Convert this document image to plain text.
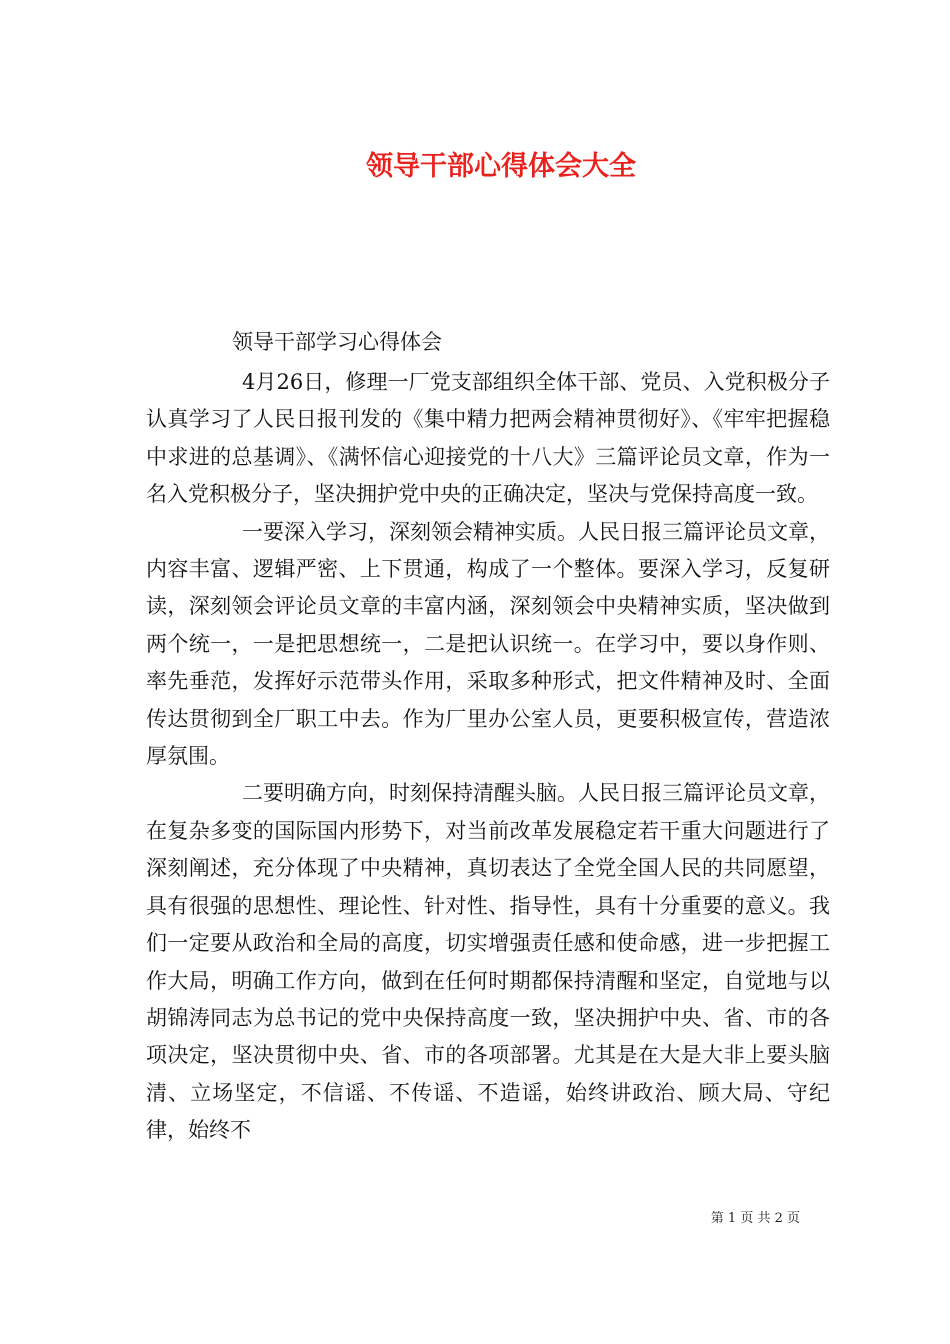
领导干部心得体会大全

领导干部学习心得体会

4月26日，修理一厂党支部组织全体干部、党员、入党积极分子认真学习了人民日报刊发的《集中精力把两会精神贯彻好》、《牢牢把握稳中求进的总基调》、《满怀信心迎接党的十八大》三篇评论员文章，作为一名入党积极分子，坚决拥护党中央的正确决定，坚决与党保持高度一致。

一要深入学习，深刻领会精神实质。人民日报三篇评论员文章，内容丰富、逻辑严密、上下贯通，构成了一个整体。要深入学习，反复研读，深刻领会评论员文章的丰富内涵，深刻领会中央精神实质，坚决做到两个统一，一是把思想统一，二是把认识统一。在学习中，要以身作则、率先垂范，发挥好示范带头作用，采取多种形式，把文件精神及时、全面传达贯彻到全厂职工中去。作为厂里办公室人员，更要积极宣传，营造浓厚氛围。

二要明确方向，时刻保持清醒头脑。人民日报三篇评论员文章，在复杂多变的国际国内形势下，对当前改革发展稳定若干重大问题进行了深刻阐述，充分体现了中央精神，真切表达了全党全国人民的共同愿望，具有很强的思想性、理论性、针对性、指导性，具有十分重要的意义。我们一定要从政治和全局的高度，切实增强责任感和使命感，进一步把握工作大局，明确工作方向，做到在任何时期都保持清醒和坚定，自觉地与以胡锦涛同志为总书记的党中央保持高度一致，坚决拥护中央、省、市的各项决定，坚决贯彻中央、省、市的各项部署。尤其是在大是大非上要头脑清、立场坚定，不信谣、不传谣、不造谣，始终讲政治、顾大局、守纪律，始终不

第 1 页 共 2 页
